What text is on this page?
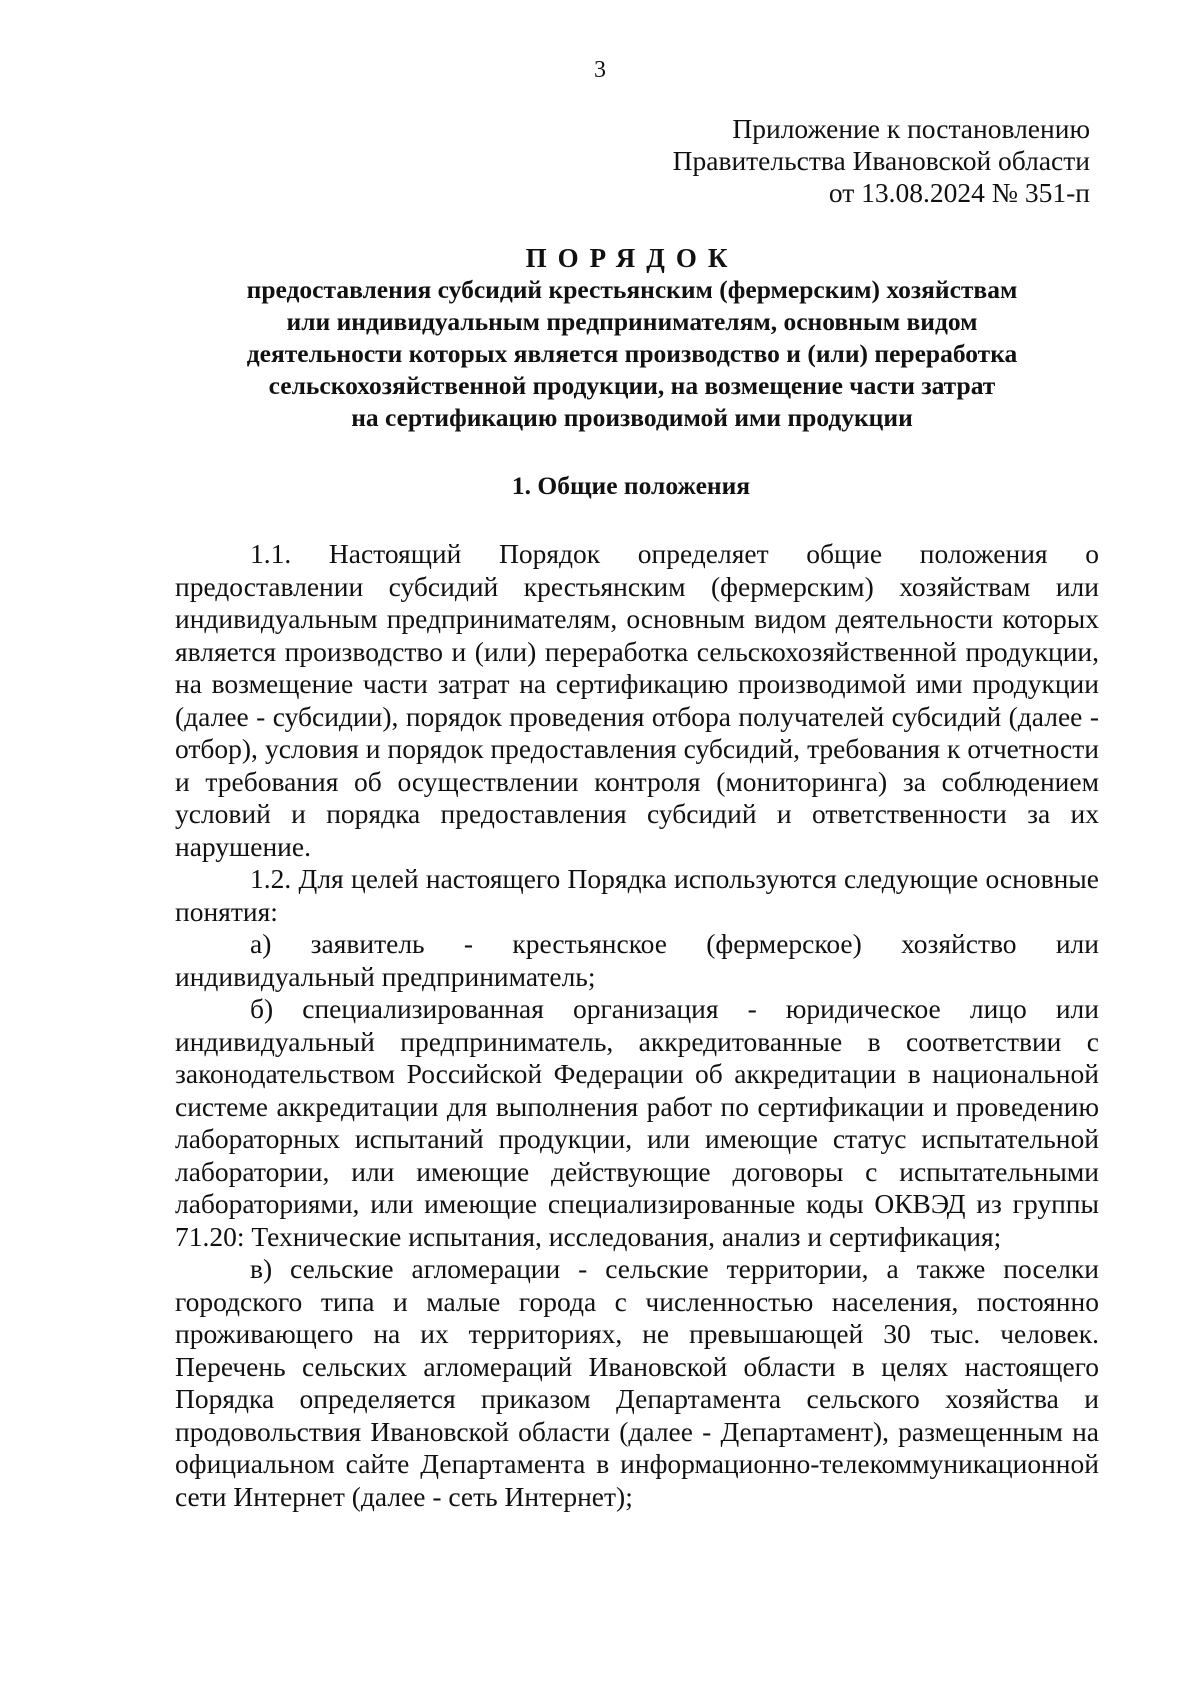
3
Приложение к постановлению
Правительства Ивановской области
от 13.08.2024 № 351-п
ПОРЯДОК
предоставления субсидий крестьянским (фермерским) хозяйствам
или индивидуальным предпринимателям, основным видом
деятельности которых является производство и (или) переработка
сельскохозяйственной продукции, на возмещение части затрат
на сертификацию производимой ими продукции
1. Общие положения

1.1. Настоящий Порядок определяет общие положения о предоставлении субсидий крестьянским (фермерским) хозяйствам или индивидуальным предпринимателям, основным видом деятельности которых является производство и (или) переработка сельскохозяйственной продукции, на возмещение части затрат на сертификацию производимой ими продукции (далее - субсидии), порядок проведения отбора получателей субсидий (далее - отбор), условия и порядок предоставления субсидий, требования к отчетности и требования об осуществлении контроля (мониторинга) за соблюдением условий и порядка предоставления субсидий и ответственности за их нарушение.

1.2. Для целей настоящего Порядка используются следующие основные понятия:

а) заявитель - крестьянское (фермерское) хозяйство или индивидуальный предприниматель;

б) специализированная организация - юридическое лицо или индивидуальный предприниматель, аккредитованные в соответствии с законодательством Российской Федерации об аккредитации в национальной системе аккредитации для выполнения работ по сертификации и проведению лабораторных испытаний продукции, или имеющие статус испытательной лаборатории, или имеющие действующие договоры с испытательными лабораториями, или имеющие специализированные коды ОКВЭД из группы 71.20: Технические испытания, исследования, анализ и сертификация;

в) сельские агломерации - сельские территории, а также поселки городского типа и малые города с численностью населения, постоянно проживающего на их территориях, не превышающей 30 тыс. человек. Перечень сельских агломераций Ивановской области в целях настоящего Порядка определяется приказом Департамента сельского хозяйства и продовольствия Ивановской области (далее - Департамент), размещенным на официальном сайте Департамента в информационно-телекоммуникационной сети Интернет (далее - сеть Интернет);
